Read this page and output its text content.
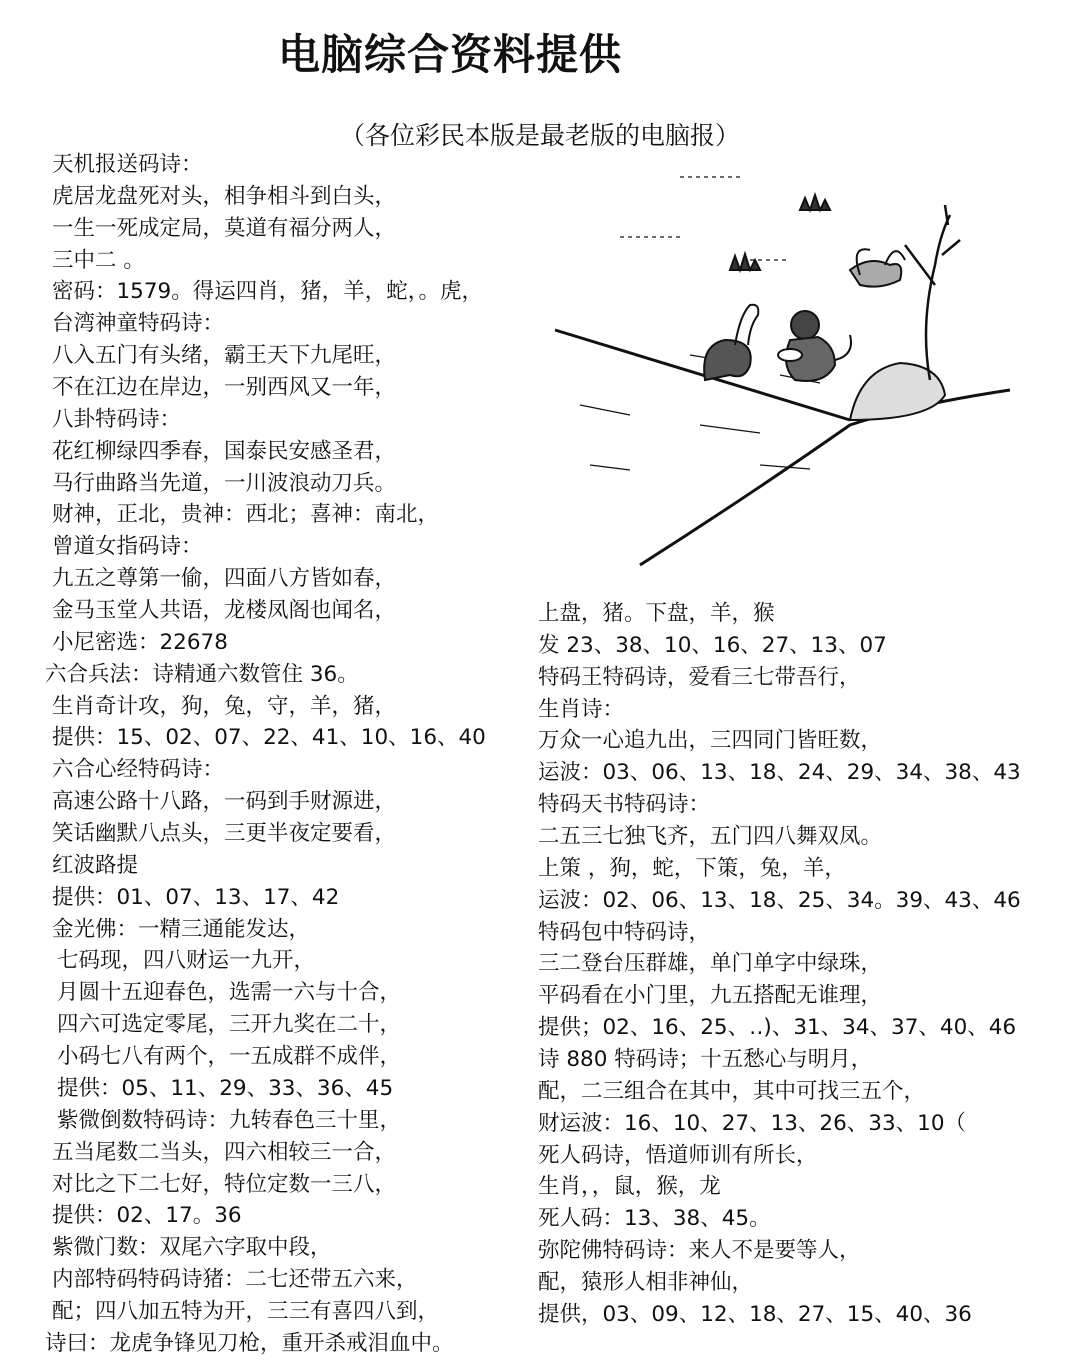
电脑综合资料提供
（各位彩民本版是最老版的电脑报）
天机报送码诗：
虎居龙盘死对头，相争相斗到白头，
一生一死成定局，莫道有福分两人，
三中二 。
密码：1579。得运四肖，猪，羊，蛇，。虎，
台湾神童特码诗：
八入五门有头绪，霸王天下九尾旺，
不在江边在岸边，一别西风又一年，
八卦特码诗：
花红柳绿四季春，国泰民安感圣君，
马行曲路当先道，一川波浪动刀兵。
财神，正北，贵神：西北；喜神：南北，
曾道女指码诗：
九五之尊第一偷，四面八方皆如春，
金马玉堂人共语，龙楼凤阁也闻名，
小尼密选：22678
六合兵法：诗精通六数管住 36。
生肖奇计攻，狗，兔，守，羊，猪，
提供：15、02、07、22、41、10、16、40
六合心经特码诗：
高速公路十八路，一码到手财源进，
笑话幽默八点头，三更半夜定要看，
红波路提
提供：01、07、13、17、42
金光佛：一精三通能发达，
七码现，四八财运一九开，
月圆十五迎春色，选需一六与十合，
四六可选定零尾，三开九奖在二十，
小码七八有两个，一五成群不成伴，
提供：05、11、29、33、36、45
紫微倒数特码诗：九转春色三十里，
五当尾数二当头，四六相较三一合，
对比之下二七好，特位定数一三八，
提供：02、17。36
紫微门数：双尾六字取中段，
内部特码特码诗猪：二七还带五六来，
配；四八加五特为开，三三有喜四八到，
诗曰：龙虎争锋见刀枪，重开杀戒泪血中。
上盘，猪。下盘，羊，猴
发 23、38、10、16、27、13、07
特码王特码诗，爱看三七带吾行，
生肖诗：
万众一心追九出，三四同门皆旺数，
运波：03、06、13、18、24、29、34、38、43
特码天书特码诗：
二五三七独飞齐，五门四八舞双凤。
上策 ，狗，蛇，下策，兔，羊，
运波：02、06、13、18、25、34。39、43、46
特码包中特码诗，
三二登台压群雄，单门单字中绿珠，
平码看在小门里，九五搭配无谁理，
提供；02、16、25、‥)、31、34、37、40、46
诗 880 特码诗；十五愁心与明月，
配，二三组合在其中，其中可找三五个，
财运波：16、10、27、13、26、33、10（
死人码诗，悟道师训有所长，
生肖，，鼠，猴，龙
死人码：13、38、45。
弥陀佛特码诗：来人不是要等人，
配，猿形人相非神仙，
提供，03、09、12、18、27、15、40、36
